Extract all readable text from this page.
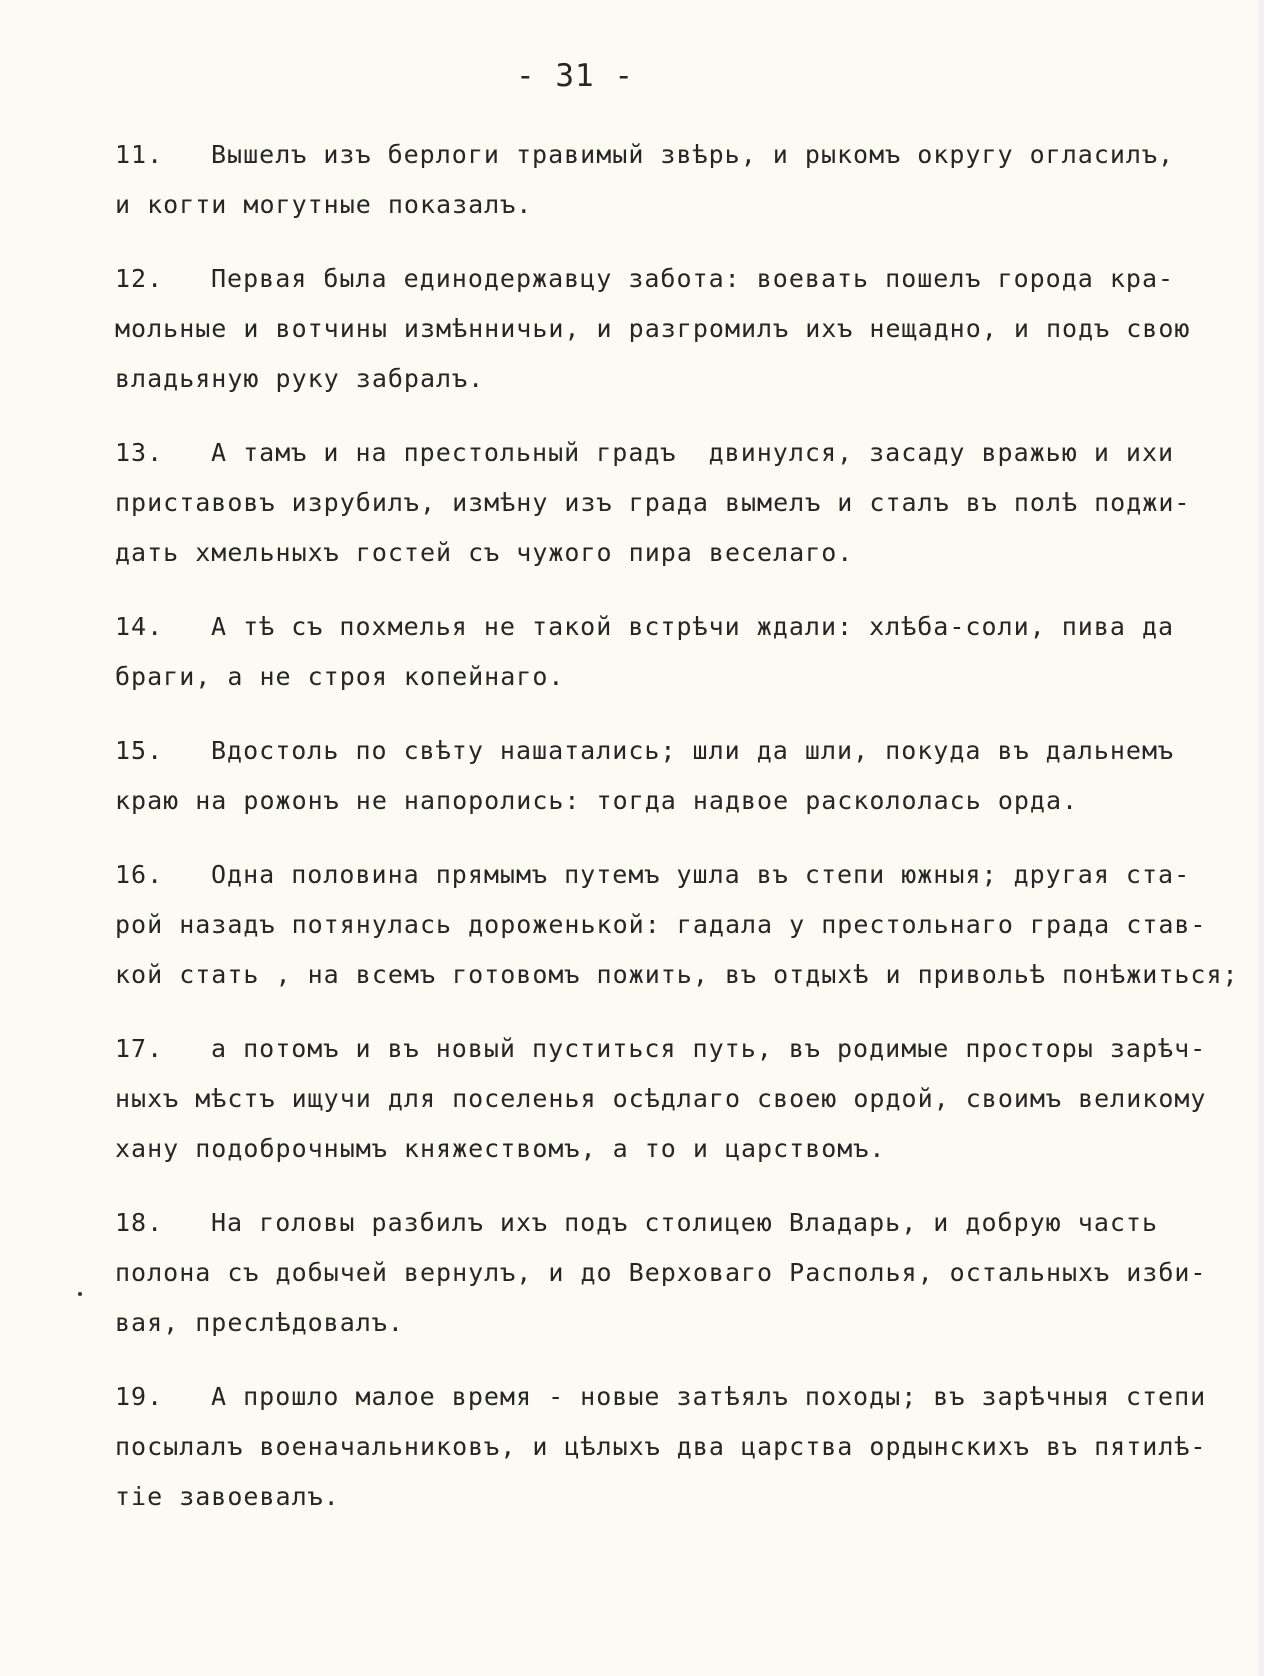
- 31 -
11. Вышелъ изъ берлоги травимый звѣрь, и рыкомъ округу огласилъ,
и когти могутные показалъ.
12. Первая была единодержавцу забота: воевать пошелъ города кра-
мольные и вотчины измѣнничьи, и разгромилъ ихъ нещадно, и подъ свою
владьяную руку забралъ.
13. А тамъ и на престольный градъ  двинулся, засаду вражью и ихи
приставовъ изрубилъ, измѣну изъ града вымелъ и сталъ въ полѣ поджи-
дать хмельныхъ гостей съ чужого пира веселаго.
14. А тѣ съ похмелья не такой встрѣчи ждали: хлѣба-соли, пива да
браги, а не строя копейнаго.
15. Вдостоль по свѣту нашатались; шли да шли, покуда въ дальнемъ
краю на рожонъ не напоролись: тогда надвое раскололась орда.
16. Одна половина прямымъ путемъ ушла въ степи южныя; другая ста-
рой назадъ потянулась дороженькой: гадала у престольнаго града став-
кой стать , на всемъ готовомъ пожить, въ отдыхѣ и привольѣ понѣжиться;
17. а потомъ и въ новый пуститься путь, въ родимые просторы зарѣч-
ныхъ мѣстъ ищучи для поселенья осѣдлаго своею ордой, своимъ великому
хану подоброчнымъ княжествомъ, а то и царствомъ.
18. На головы разбилъ ихъ подъ столицею Владарь, и добрую часть
полона съ добычей вернулъ, и до Верховаго Располья, остальныхъ изби-
вая, преслѣдовалъ.
19. А прошло малое время - новые затѣялъ походы; въ зарѣчныя степи
посылалъ военачальниковъ, и цѣлыхъ два царства ордынскихъ въ пятилѣ-
тіе завоевалъ.
